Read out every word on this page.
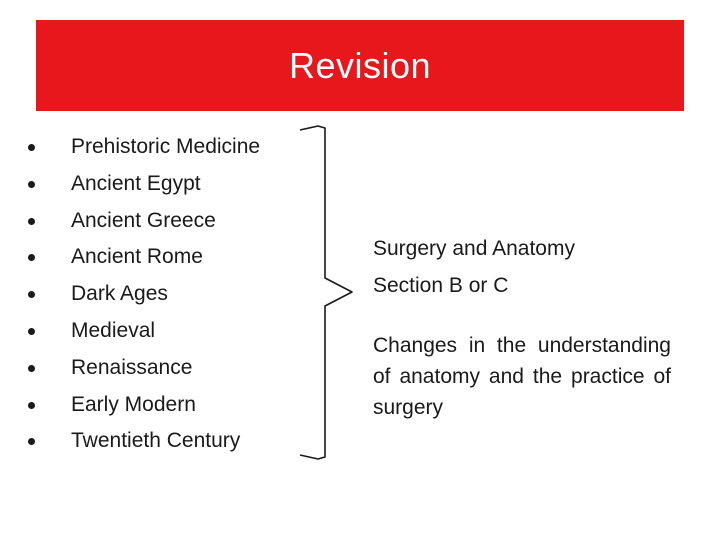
Revision
Prehistoric Medicine
Ancient Egypt
Ancient Greece
Ancient Rome
Dark Ages
Medieval
Renaissance
Early Modern
Twentieth Century
Surgery and Anatomy
Section B or C
Changes in the understanding of anatomy and the practice of surgery
